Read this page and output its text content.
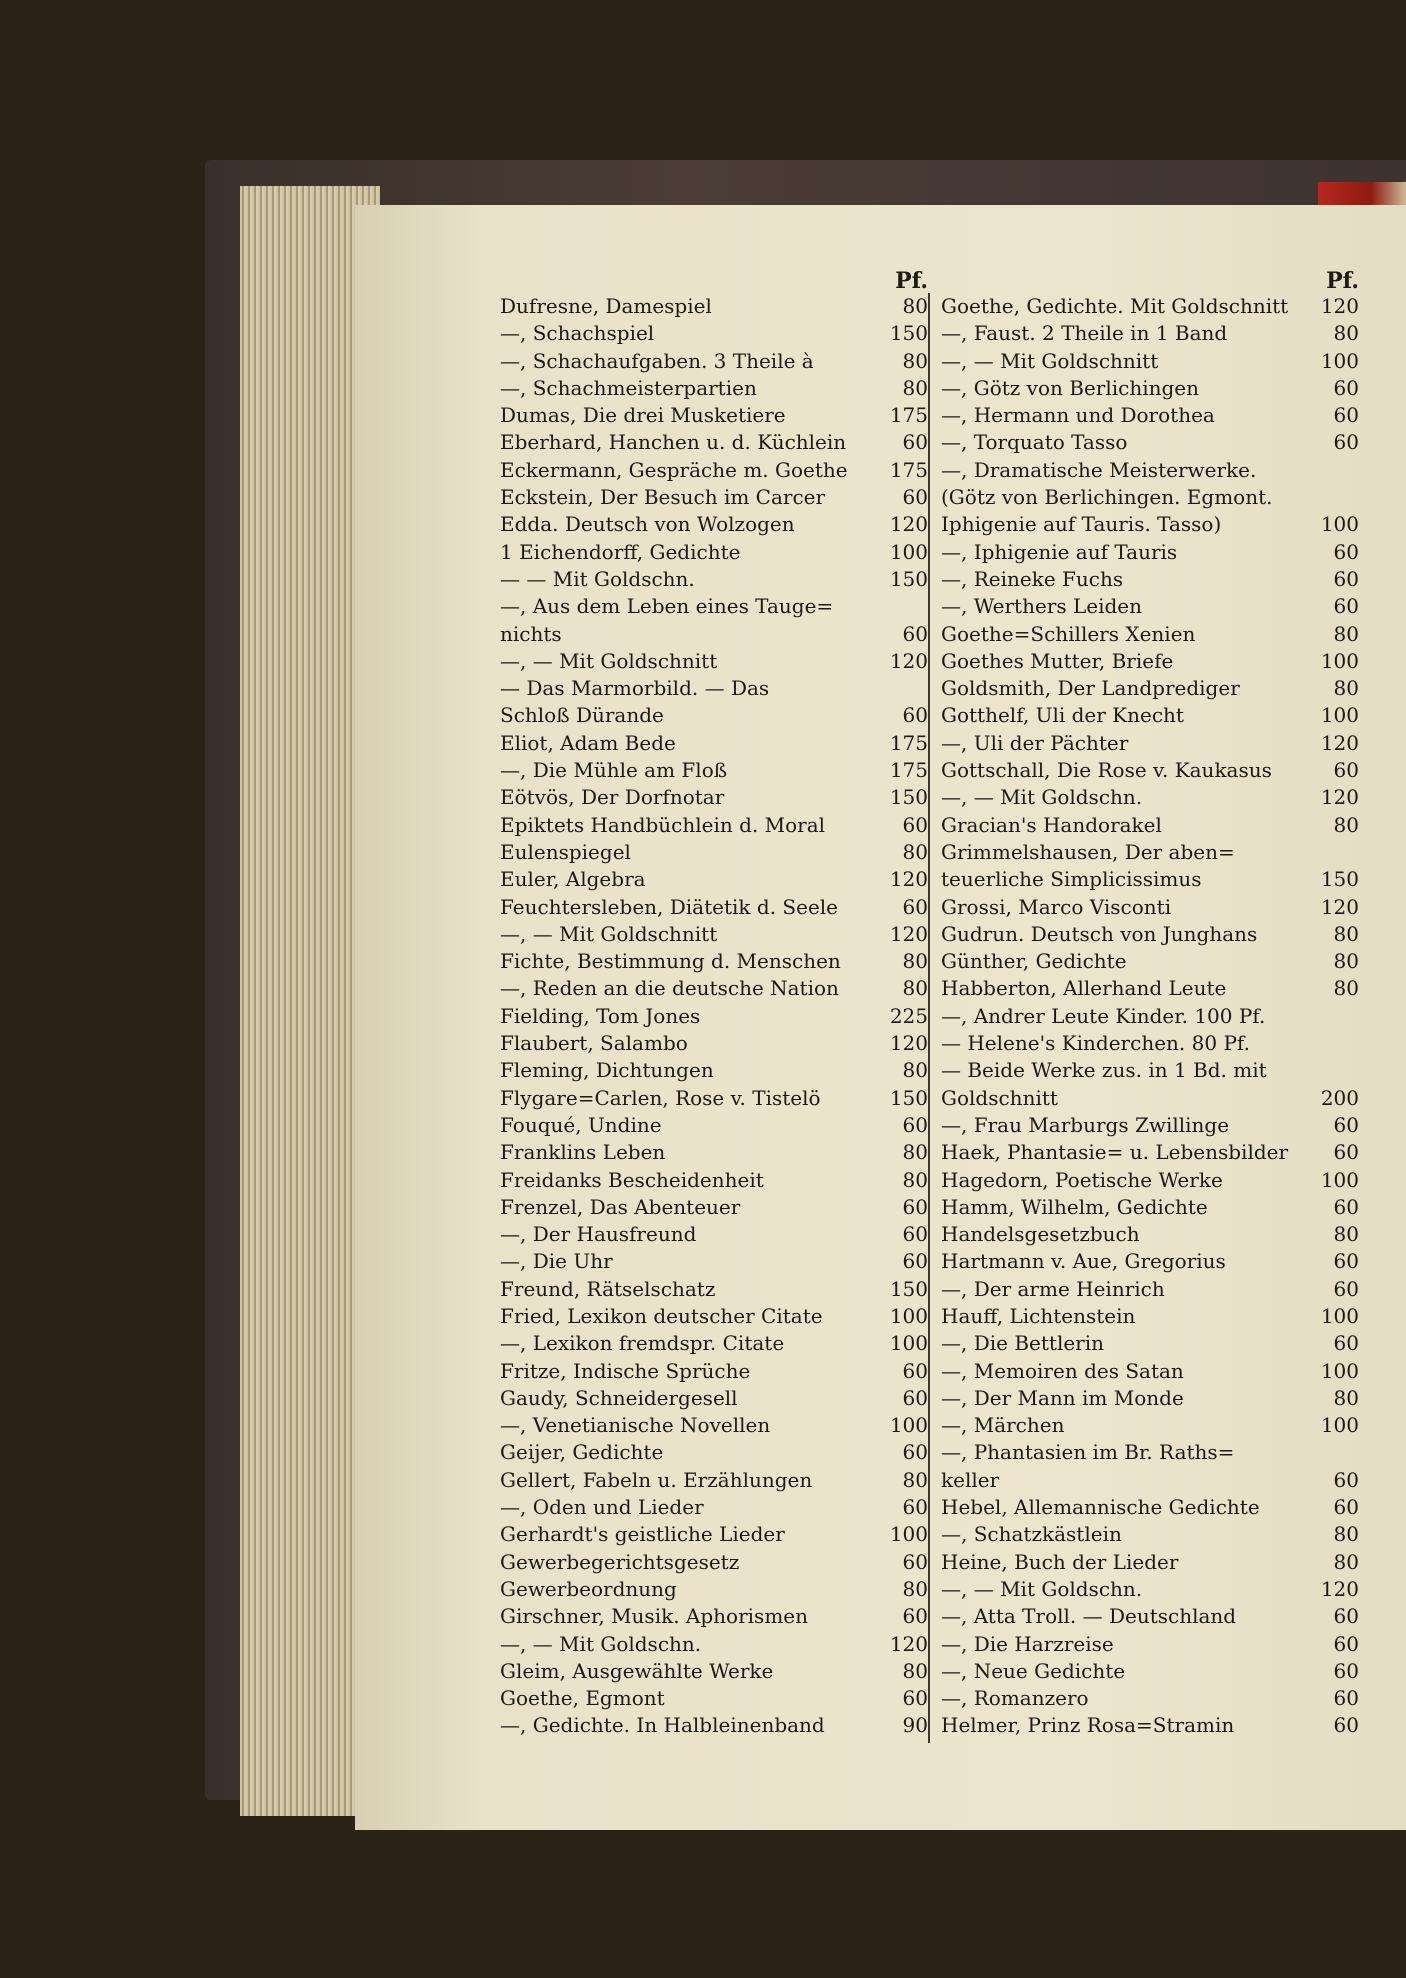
Dufresne, Damespiel	80
—, Schachspiel	150
—, Schachaufgaben. 3 Theile à	80
—, Schachmeisterpartien	80
Dumas, Die drei Musketiere	175
Eberhard, Hanchen u. d. Küchlein	60
Eckermann, Gespräche m. Goethe	175
Eckstein, Der Besuch im Carcer	60
Edda. Deutsch von Wolzogen	120
1 Eichendorff, Gedichte	100
— — Mit Goldschn.	150
—, Aus dem Leben eines Tauge=
nichts	60
—, — Mit Goldschnitt	120
— Das Marmorbild. — Das
Schloß Dürande	60
Eliot, Adam Bede	175
—, Die Mühle am Floß	175
Eötvös, Der Dorfnotar	150
Epiktets Handbüchlein d. Moral	60
Eulenspiegel	80
Euler, Algebra	120
Feuchtersleben, Diätetik d. Seele	60
—, — Mit Goldschnitt	120
Fichte, Bestimmung d. Menschen	80
—, Reden an die deutsche Nation	80
Fielding, Tom Jones	225
Flaubert, Salambo	120
Fleming, Dichtungen	80
Flygare=Carlen, Rose v. Tistelö	150
Fouqué, Undine	60
Franklins Leben	80
Freidanks Bescheidenheit	80
Frenzel, Das Abenteuer	60
—, Der Hausfreund	60
—, Die Uhr	60
Freund, Rätselschatz	150
Fried, Lexikon deutscher Citate	100
—, Lexikon fremdspr. Citate	100
Fritze, Indische Sprüche	60
Gaudy, Schneidergesell	60
—, Venetianische Novellen	100
Geijer, Gedichte	60
Gellert, Fabeln u. Erzählungen	80
—, Oden und Lieder	60
Gerhardt's geistliche Lieder	100
Gewerbegerichtsgesetz	60
Gewerbeordnung	80
Girschner, Musik. Aphorismen	60
—, — Mit Goldschn.	120
Gleim, Ausgewählte Werke	80
Goethe, Egmont	60
—, Gedichte. In Halbleinenband	90
Goethe, Gedichte. Mit Goldschnitt	120
—, Faust. 2 Theile in 1 Band	80
—, — Mit Goldschnitt	100
—, Götz von Berlichingen	60
—, Hermann und Dorothea	60
—, Torquato Tasso	60
—, Dramatische Meisterwerke.
(Götz von Berlichingen. Egmont.
Iphigenie auf Tauris. Tasso)	100
—, Iphigenie auf Tauris	60
—, Reineke Fuchs	60
—, Werthers Leiden	60
Goethe=Schillers Xenien	80
Goethes Mutter, Briefe	100
Goldsmith, Der Landprediger	80
Gotthelf, Uli der Knecht	100
—, Uli der Pächter	120
Gottschall, Die Rose v. Kaukasus	60
—, — Mit Goldschn.	120
Gracian's Handorakel	80
Grimmelshausen, Der aben=
teuerliche Simplicissimus	150
Grossi, Marco Visconti	120
Gudrun. Deutsch von Junghans	80
Günther, Gedichte	80
Habberton, Allerhand Leute	80
—, Andrer Leute Kinder. 100 Pf.
— Helene's Kinderchen. 80 Pf.
— Beide Werke zus. in 1 Bd. mit
Goldschnitt	200
—, Frau Marburgs Zwillinge	60
Haek, Phantasie= u. Lebensbilder	60
Hagedorn, Poetische Werke	100
Hamm, Wilhelm, Gedichte	60
Handelsgesetzbuch	80
Hartmann v. Aue, Gregorius	60
—, Der arme Heinrich	60
Hauff, Lichtenstein	100
—, Die Bettlerin	60
—, Memoiren des Satan	100
—, Der Mann im Monde	80
—, Märchen	100
—, Phantasien im Br. Raths=
keller	60
Hebel, Allemannische Gedichte	60
—, Schatzkästlein	80
Heine, Buch der Lieder	80
—, — Mit Goldschn.	120
—, Atta Troll. — Deutschland	60
—, Die Harzreise	60
—, Neue Gedichte	60
—, Romanzero	60
Helmer, Prinz Rosa=Stramin	60
